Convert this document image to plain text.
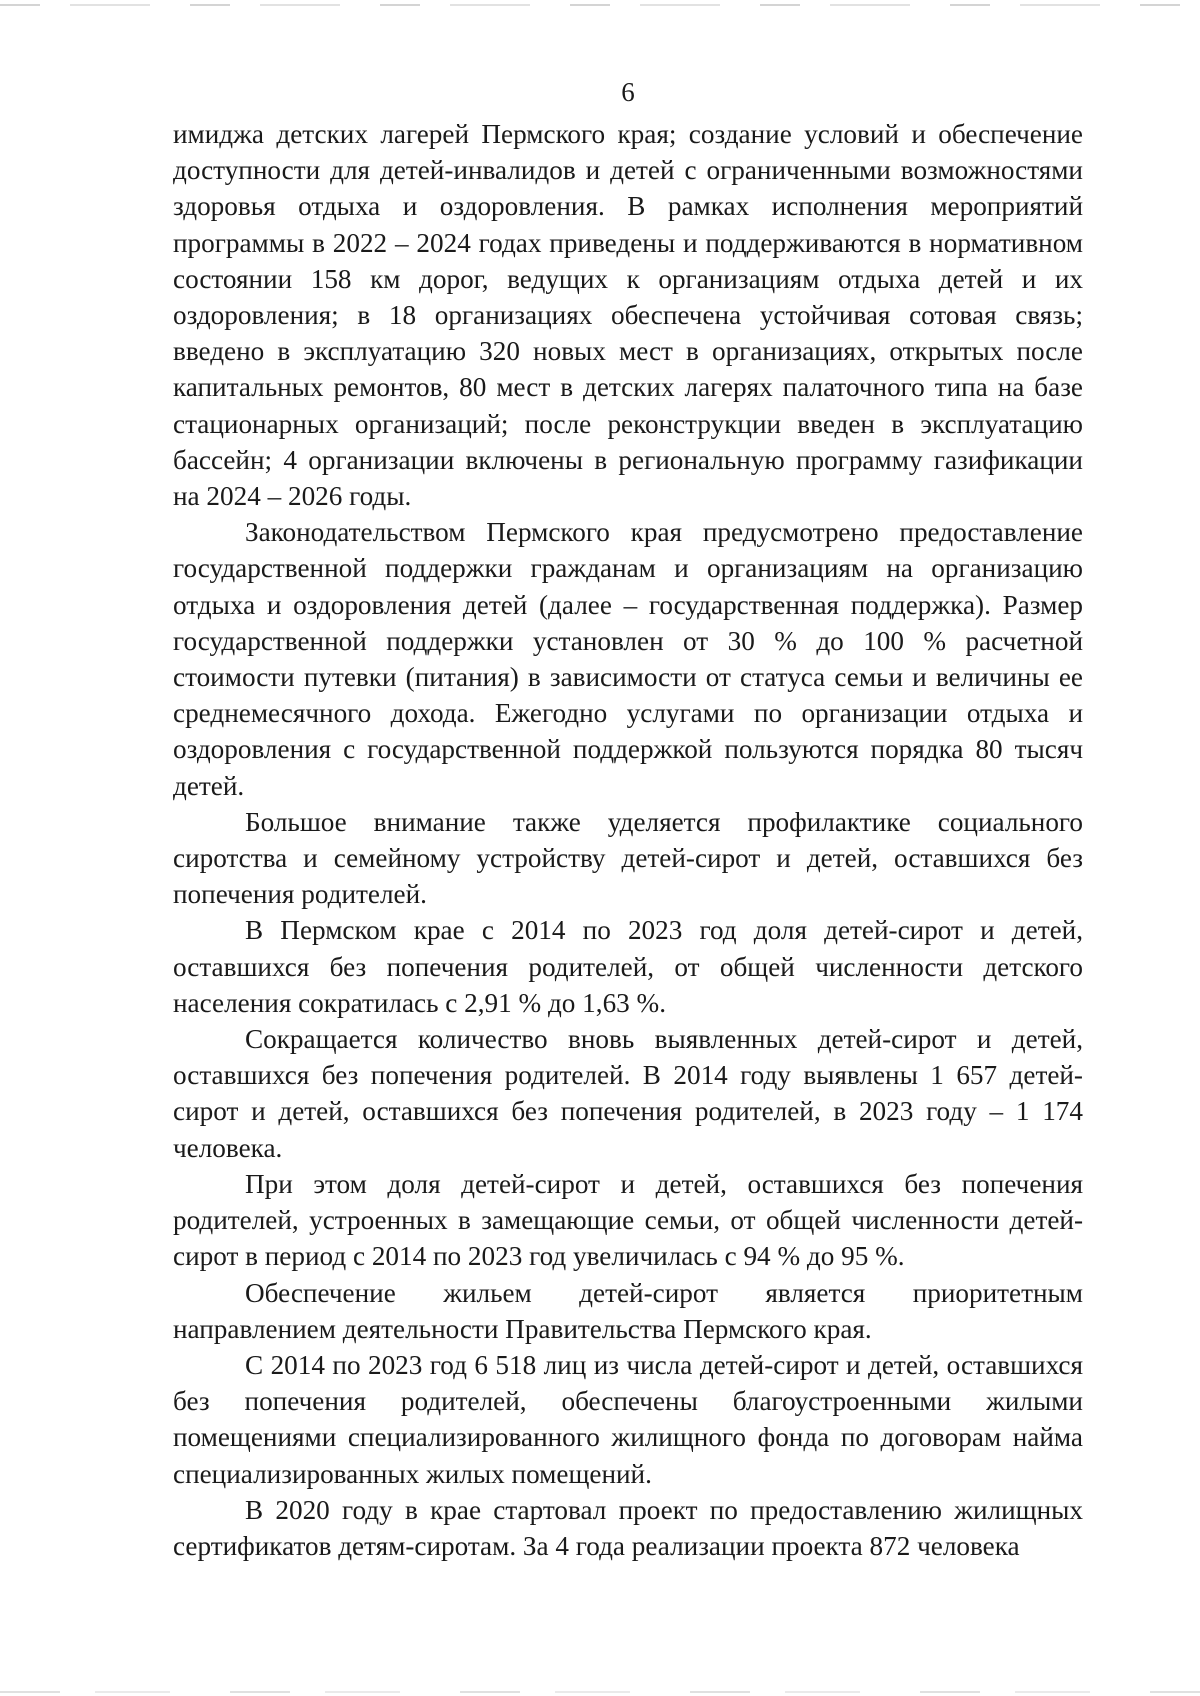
6

имиджа детских лагерей Пермского края; создание условий и обеспечение доступности для детей-инвалидов и детей с ограниченными возможностями здоровья отдыха и оздоровления. В рамках исполнения мероприятий программы в 2022 – 2024 годах приведены и поддерживаются в нормативном состоянии 158 км дорог, ведущих к организациям отдыха детей и их оздоровления; в 18 организациях обеспечена устойчивая сотовая связь; введено в эксплуатацию 320 новых мест в организациях, открытых после капитальных ремонтов, 80 мест в детских лагерях палаточного типа на базе стационарных организаций; после реконструкции введен в эксплуатацию бассейн; 4 организации включены в региональную программу газификации на 2024 – 2026 годы.

Законодательством Пермского края предусмотрено предоставление государственной поддержки гражданам и организациям на организацию отдыха и оздоровления детей (далее – государственная поддержка). Размер государственной поддержки установлен от 30 % до 100 % расчетной стоимости путевки (питания) в зависимости от статуса семьи и величины ее среднемесячного дохода. Ежегодно услугами по организации отдыха и оздоровления с государственной поддержкой пользуются порядка 80 тысяч детей.

Большое внимание также уделяется профилактике социального сиротства и семейному устройству детей-сирот и детей, оставшихся без попечения родителей.

В Пермском крае с 2014 по 2023 год доля детей-сирот и детей, оставшихся без попечения родителей, от общей численности детского населения сократилась с 2,91 % до 1,63 %.

Сокращается количество вновь выявленных детей-сирот и детей, оставшихся без попечения родителей. В 2014 году выявлены 1 657 детей-сирот и детей, оставшихся без попечения родителей, в 2023 году – 1 174 человека.

При этом доля детей-сирот и детей, оставшихся без попечения родителей, устроенных в замещающие семьи, от общей численности детей-сирот в период с 2014 по 2023 год увеличилась с 94 % до 95 %.

Обеспечение жильем детей-сирот является приоритетным направлением деятельности Правительства Пермского края.

С 2014 по 2023 год 6 518 лиц из числа детей-сирот и детей, оставшихся без попечения родителей, обеспечены благоустроенными жилыми помещениями специализированного жилищного фонда по договорам найма специализированных жилых помещений.

В 2020 году в крае стартовал проект по предоставлению жилищных сертификатов детям-сиротам. За 4 года реализации проекта 872 человека
